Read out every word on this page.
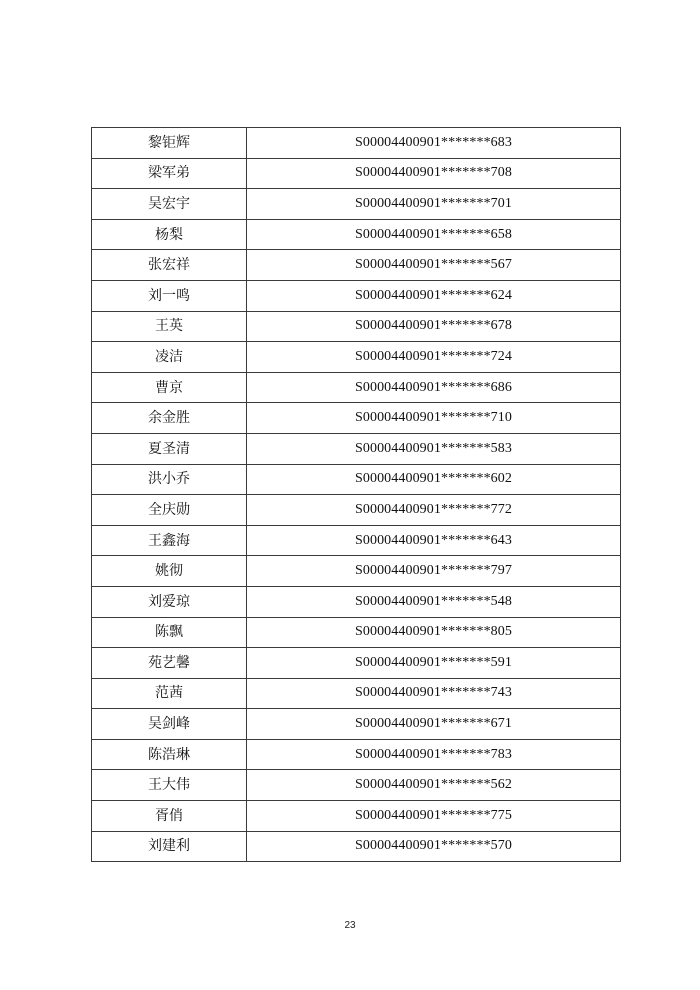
黎钜辉	S00004400901*******683
梁军弟	S00004400901*******708
吴宏宇	S00004400901*******701
杨梨	S00004400901*******658
张宏祥	S00004400901*******567
刘一鸣	S00004400901*******624
王英	S00004400901*******678
凌洁	S00004400901*******724
曹京	S00004400901*******686
余金胜	S00004400901*******710
夏圣清	S00004400901*******583
洪小乔	S00004400901*******602
全庆勋	S00004400901*******772
王鑫海	S00004400901*******643
姚彻	S00004400901*******797
刘爱琼	S00004400901*******548
陈飘	S00004400901*******805
苑艺馨	S00004400901*******591
范茜	S00004400901*******743
吴剑峰	S00004400901*******671
陈浩琳	S00004400901*******783
王大伟	S00004400901*******562
胥俏	S00004400901*******775
刘建利	S00004400901*******570
23
